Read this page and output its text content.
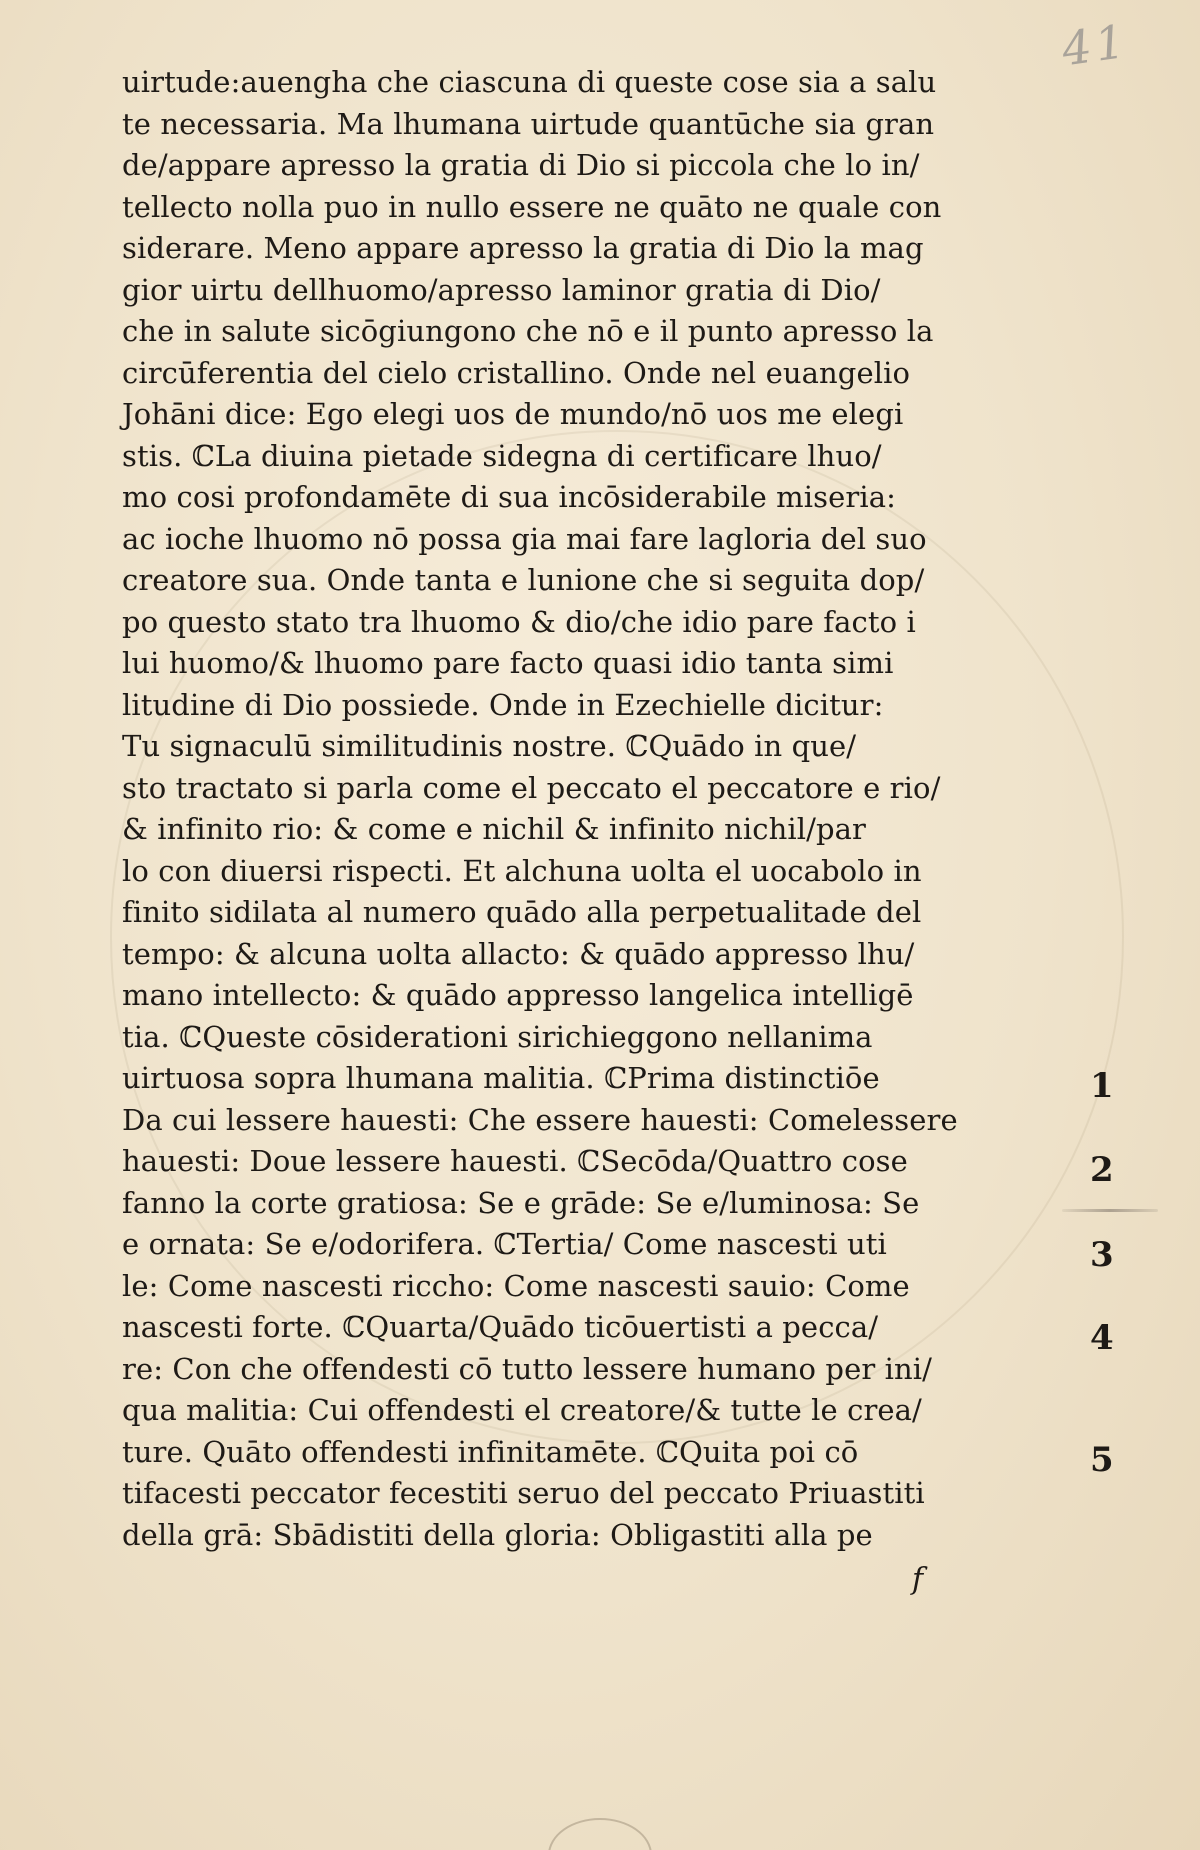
41
uirtude:auengha che ciascuna di queste cose sia a salu
te necessaria. Ma lhumana uirtude quantūche sia gran
de/appare apresso la gratia di Dio si piccola che lo in/
tellecto nolla puo in nullo essere ne quāto ne quale con
siderare. Meno appare apresso la gratia di Dio la mag
gior uirtu dellhuomo/apresso laminor gratia di Dio/
che in salute sicōgiungono che nō e il punto apresso la
circūferentia del cielo cristallino. Onde nel euangelio
Johāni dice: Ego elegi uos de mundo/nō uos me elegi
stis. ℂLa diuina pietade sidegna di certificare lhuo/
mo cosi profondamēte di sua incōsiderabile miseria:
ac ioche lhuomo nō possa gia mai fare lagloria del suo
creatore sua. Onde tanta e lunione che si seguita dop/
po questo stato tra lhuomo & dio/che idio pare facto i
lui huomo/& lhuomo pare facto quasi idio tanta simi
litudine di Dio possiede. Onde in Ezechielle dicitur:
Tu signaculū similitudinis nostre. ℂQuādo in que/
sto tractato si parla come el peccato el peccatore e rio/
& infinito rio: & come e nichil & infinito nichil/par
lo con diuersi rispecti. Et alchuna uolta el uocabolo in
finito sidilata al numero quādo alla perpetualitade del
tempo: & alcuna uolta allacto: & quādo appresso lhu/
mano intellecto: & quādo appresso langelica intelligē
tia. ℂQueste cōsiderationi sirichieggono nellanima
uirtuosa sopra lhumana malitia. ℂPrima distinctiōe
Da cui lessere hauesti: Che essere hauesti: Comelessere
hauesti: Doue lessere hauesti. ℂSecōda/Quattro cose
fanno la corte gratiosa: Se e grāde: Se e/luminosa: Se
e ornata: Se e/odorifera. ℂTertia/ Come nascesti uti
le: Come nascesti riccho: Come nascesti sauio: Come
nascesti forte. ℂQuarta/Quādo ticōuertisti a pecca/
re: Con che offendesti cō tutto lessere humano per ini/
qua malitia: Cui offendesti el creatore/& tutte le crea/
ture. Quāto offendesti infinitamēte. ℂQuita poi cō
tifacesti peccator fecestiti seruo del peccato Priuastiti
della grā: Sbādistiti della gloria: Obligastiti alla pe
f
1
2
3
4
5
